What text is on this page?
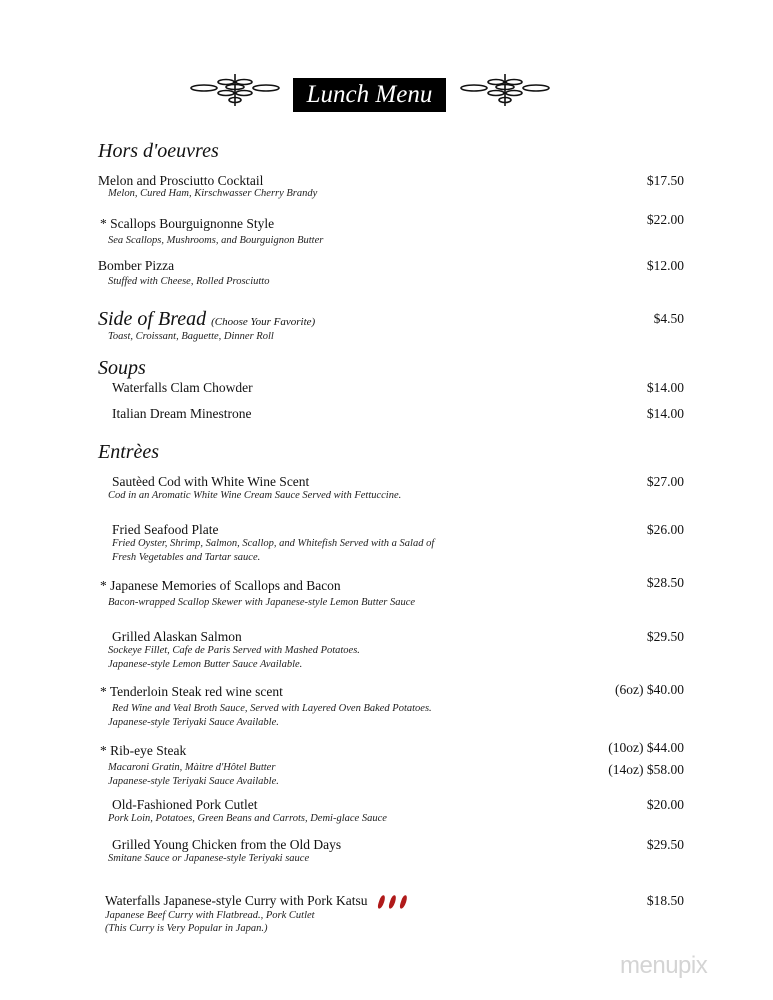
Lunch Menu
Hors d'oeuvres
Melon and Prosciutto Cocktail
Melon, Cured Ham, Kirschwasser Cherry Brandy
$17.50
* Scallops Bourguignonne Style
Sea Scallops, Mushrooms, and Bourguignon Butter
$22.00
Bomber Pizza
Stuffed with Cheese, Rolled Prosciutto
$12.00
Side of Bread (Choose Your Favorite)
Toast, Croissant, Baguette, Dinner Roll
$4.50
Soups
Waterfalls Clam Chowder	$14.00
Italian Dream Minestrone	$14.00
Entrèes
Sautèed Cod with White Wine Scent
Cod in an Aromatic White Wine Cream Sauce Served with Fettuccine.
$27.00
Fried Seafood Plate
Fried Oyster, Shrimp, Salmon, Scallop, and Whitefish Served with a Salad of
Fresh Vegetables and Tartar sauce.
$26.00
* Japanese Memories of Scallops and Bacon
Bacon-wrapped Scallop Skewer with Japanese-style Lemon Butter Sauce
$28.50
Grilled Alaskan Salmon
Sockeye Fillet, Cafe de Paris Served with Mashed Potatoes.
Japanese-style Lemon Butter Sauce Available.
$29.50
* Tenderloin Steak red wine scent
Red Wine and Veal Broth Sauce, Served with Layered Oven Baked Potatoes.
Japanese-style Teriyaki Sauce Available.
(6oz) $40.00
* Rib-eye Steak
Macaroni Gratin, Màitre d'Hôtel Butter
Japanese-style Teriyaki Sauce Available.
(10oz) $44.00
(14oz) $58.00
Old-Fashioned Pork Cutlet
Pork Loin, Potatoes, Green Beans and Carrots, Demi-glace Sauce
$20.00
Grilled Young Chicken from the Old Days
Smitane Sauce or Japanese-style Teriyaki sauce
$29.50
Waterfalls Japanese-style Curry with Pork Katsu
Japanese Beef Curry with Flatbread., Pork Cutlet
(This Curry is Very Popular in Japan.)
$18.50
menupix
